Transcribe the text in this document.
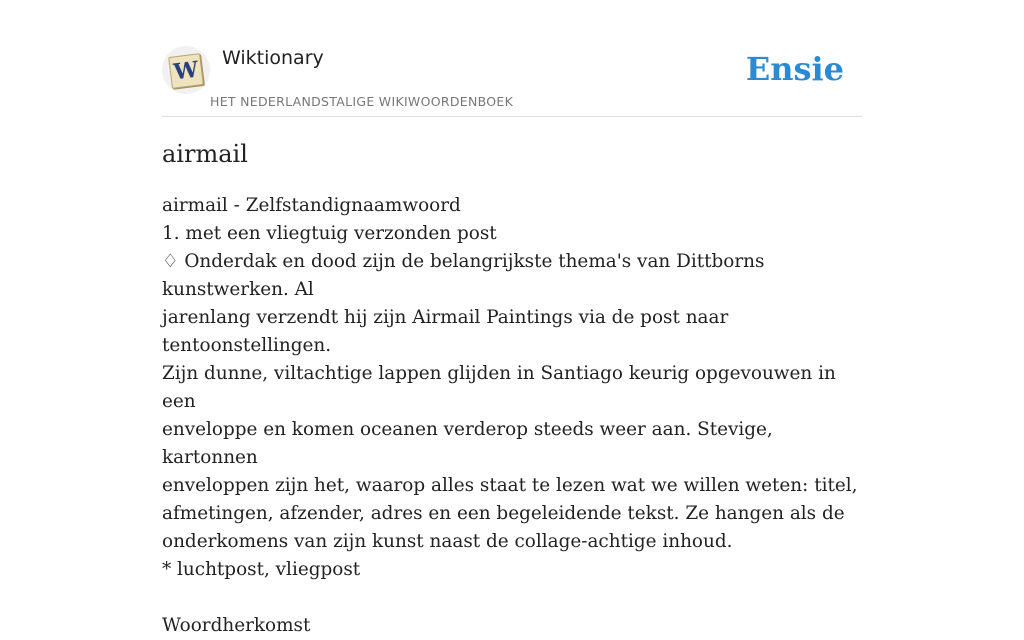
W Wiktionary
HET NEDERLANDSTALIGE WIKIWOORDENBOEK
Ensie
airmail

airmail - Zelfstandignaamwoord

1. met een vliegtuig verzonden post

♢ Onderdak en dood zijn de belangrijkste thema's van Dittborns kunstwerken. Al

jarenlang verzendt hij zijn Airmail Paintings via de post naar tentoonstellingen.

Zijn dunne, viltachtige lappen glijden in Santiago keurig opgevouwen in een

enveloppe en komen oceanen verderop steeds weer aan. Stevige, kartonnen

enveloppen zijn het, waarop alles staat te lezen wat we willen weten: titel,

afmetingen, afzender, adres en een begeleidende tekst. Ze hangen als de

onderkomens van zijn kunst naast de collage-achtige inhoud.

* luchtpost, vliegpost

Woordherkomst
